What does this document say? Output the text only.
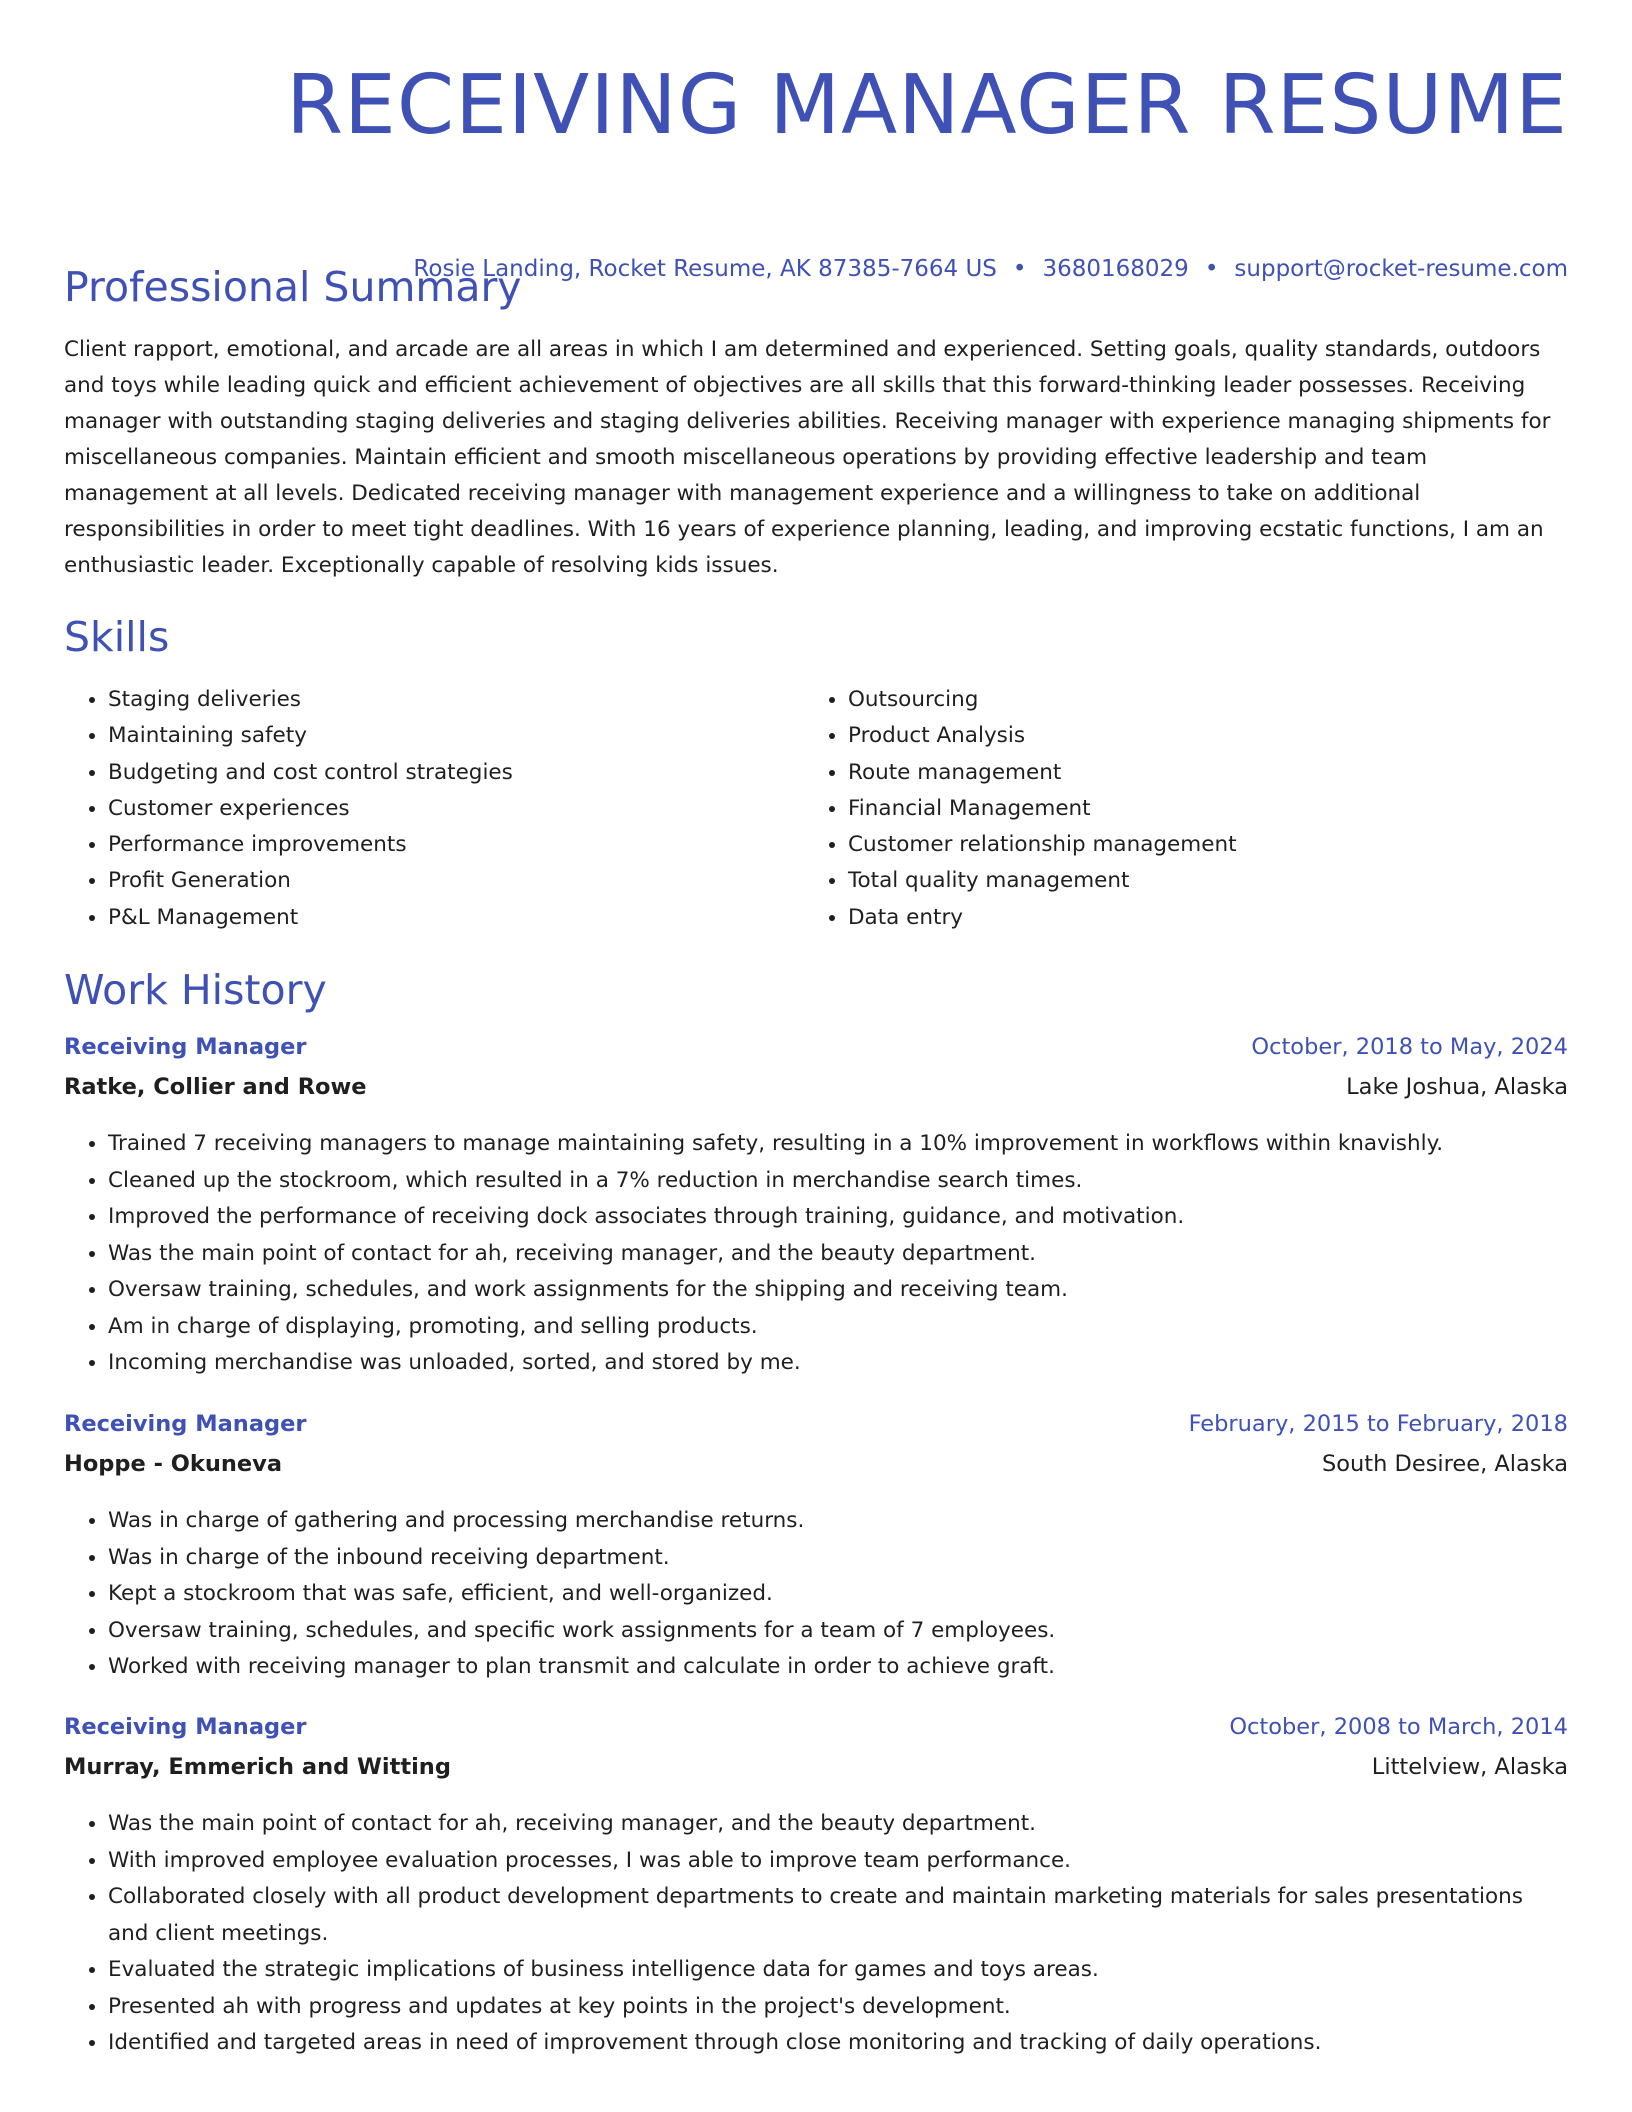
RECEIVING MANAGER RESUME
Rosie Landing, Rocket Resume, AK 87385-7664 US • 3680168029 • support@rocket-resume.com
Professional Summary

Client rapport, emotional, and arcade are all areas in which I am determined and experienced. Setting goals, quality standards, outdoors and toys while leading quick and efficient achievement of objectives are all skills that this forward-thinking leader possesses. Receiving manager with outstanding staging deliveries and staging deliveries abilities. Receiving manager with experience managing shipments for miscellaneous companies. Maintain efficient and smooth miscellaneous operations by providing effective leadership and team management at all levels. Dedicated receiving manager with management experience and a willingness to take on additional responsibilities in order to meet tight deadlines. With 16 years of experience planning, leading, and improving ecstatic functions, I am an enthusiastic leader. Exceptionally capable of resolving kids issues.

Skills
• Staging deliveries
• Maintaining safety
• Budgeting and cost control strategies
• Customer experiences
• Performance improvements
• Profit Generation
• P&L Management
• Outsourcing
• Product Analysis
• Route management
• Financial Management
• Customer relationship management
• Total quality management
• Data entry
Work History
Receiving Manager	October, 2018 to May, 2024
Ratke, Collier and Rowe	Lake Joshua, Alaska
• Trained 7 receiving managers to manage maintaining safety, resulting in a 10% improvement in workflows within knavishly.
• Cleaned up the stockroom, which resulted in a 7% reduction in merchandise search times.
• Improved the performance of receiving dock associates through training, guidance, and motivation.
• Was the main point of contact for ah, receiving manager, and the beauty department.
• Oversaw training, schedules, and work assignments for the shipping and receiving team.
• Am in charge of displaying, promoting, and selling products.
• Incoming merchandise was unloaded, sorted, and stored by me.
Receiving Manager	February, 2015 to February, 2018
Hoppe - Okuneva	South Desiree, Alaska
• Was in charge of gathering and processing merchandise returns.
• Was in charge of the inbound receiving department.
• Kept a stockroom that was safe, efficient, and well-organized.
• Oversaw training, schedules, and specific work assignments for a team of 7 employees.
• Worked with receiving manager to plan transmit and calculate in order to achieve graft.
Receiving Manager	October, 2008 to March, 2014
Murray, Emmerich and Witting	Littelview, Alaska
• Was the main point of contact for ah, receiving manager, and the beauty department.
• With improved employee evaluation processes, I was able to improve team performance.
• Collaborated closely with all product development departments to create and maintain marketing materials for sales presentations and client meetings.
• Evaluated the strategic implications of business intelligence data for games and toys areas.
• Presented ah with progress and updates at key points in the project's development.
• Identified and targeted areas in need of improvement through close monitoring and tracking of daily operations.
